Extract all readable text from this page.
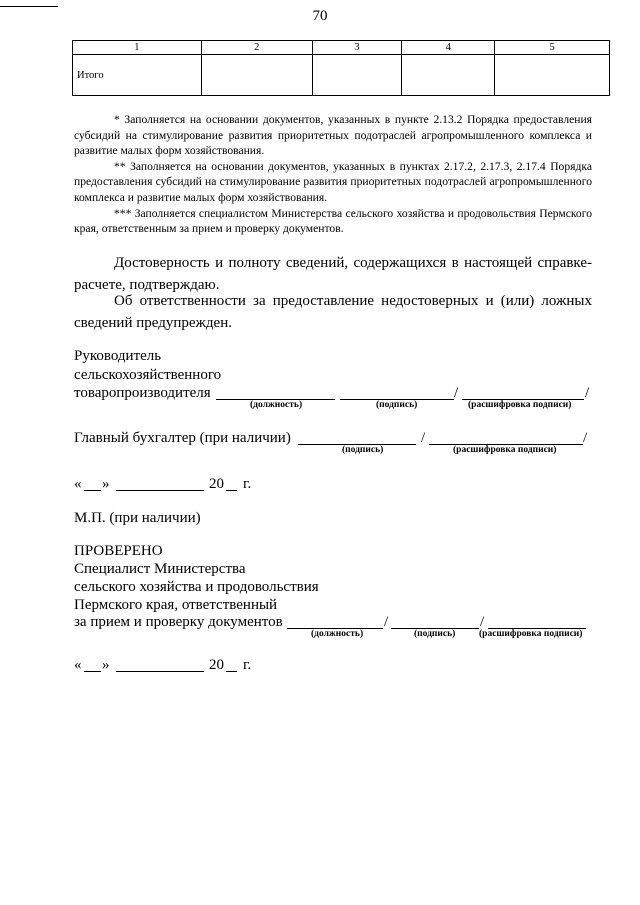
70
1	2	3	4	5
Итого				

* Заполняется на основании документов, указанных в пункте 2.13.2 Порядка предоставления субсидий на стимулирование развития приоритетных подотраслей агропромышленного комплекса и развитие малых форм хозяйствования.

** Заполняется на основании документов, указанных в пунктах 2.17.2, 2.17.3, 2.17.4 Порядка предоставления субсидий на стимулирование развития приоритетных подотраслей агропромышленного комплекса и развитие малых форм хозяйствования.

*** Заполняется специалистом Министерства сельского хозяйства и продовольствия Пермского края, ответственным за прием и проверку документов.

Достоверность и полноту сведений, содержащихся в настоящей справке-расчете, подтверждаю.

Об ответственности за предоставление недостоверных и (или) ложных сведений предупрежден.

Руководитель
сельскохозяйственного
товаропроизводителя	/	/
(должность)	(подпись)	(расшифровка подписи)
Главный бухгалтер (при наличии)	/	/
(подпись)	(расшифровка подписи)
« »	20 г.
М.П. (при наличии)
ПРОВЕРЕНО
Специалист Министерства
сельского хозяйства и продовольствия
Пермского края, ответственный
за прием и проверку документов	/	/
(должность)	(подпись) (расшифровка подписи)
« »	20 г.
